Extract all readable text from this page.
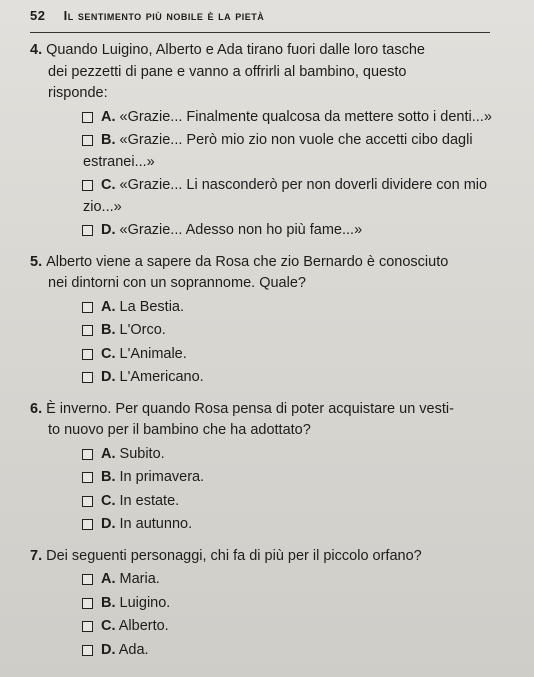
52 Il sentimento più nobile è la pietà
4. Quando Luigino, Alberto e Ada tirano fuori dalle loro tasche
dei pezzetti di pane e vanno a offrirli al bambino, questo
risponde:
A. «Grazie... Finalmente qualcosa da mettere sotto i denti...»
B. «Grazie... Però mio zio non vuole che accetti cibo dagli
estranei...»
C. «Grazie... Li nasconderò per non doverli dividere con mio
zio...»
D. «Grazie... Adesso non ho più fame...»
5. Alberto viene a sapere da Rosa che zio Bernardo è conosciuto
nei dintorni con un soprannome. Quale?
A. La Bestia.
B. L'Orco.
C. L'Animale.
D. L'Americano.
6. È inverno. Per quando Rosa pensa di poter acquistare un vesti-
to nuovo per il bambino che ha adottato?
A. Subito.
B. In primavera.
C. In estate.
D. In autunno.
7. Dei seguenti personaggi, chi fa di più per il piccolo orfano?
A. Maria.
B. Luigino.
C. Alberto.
D. Ada.
